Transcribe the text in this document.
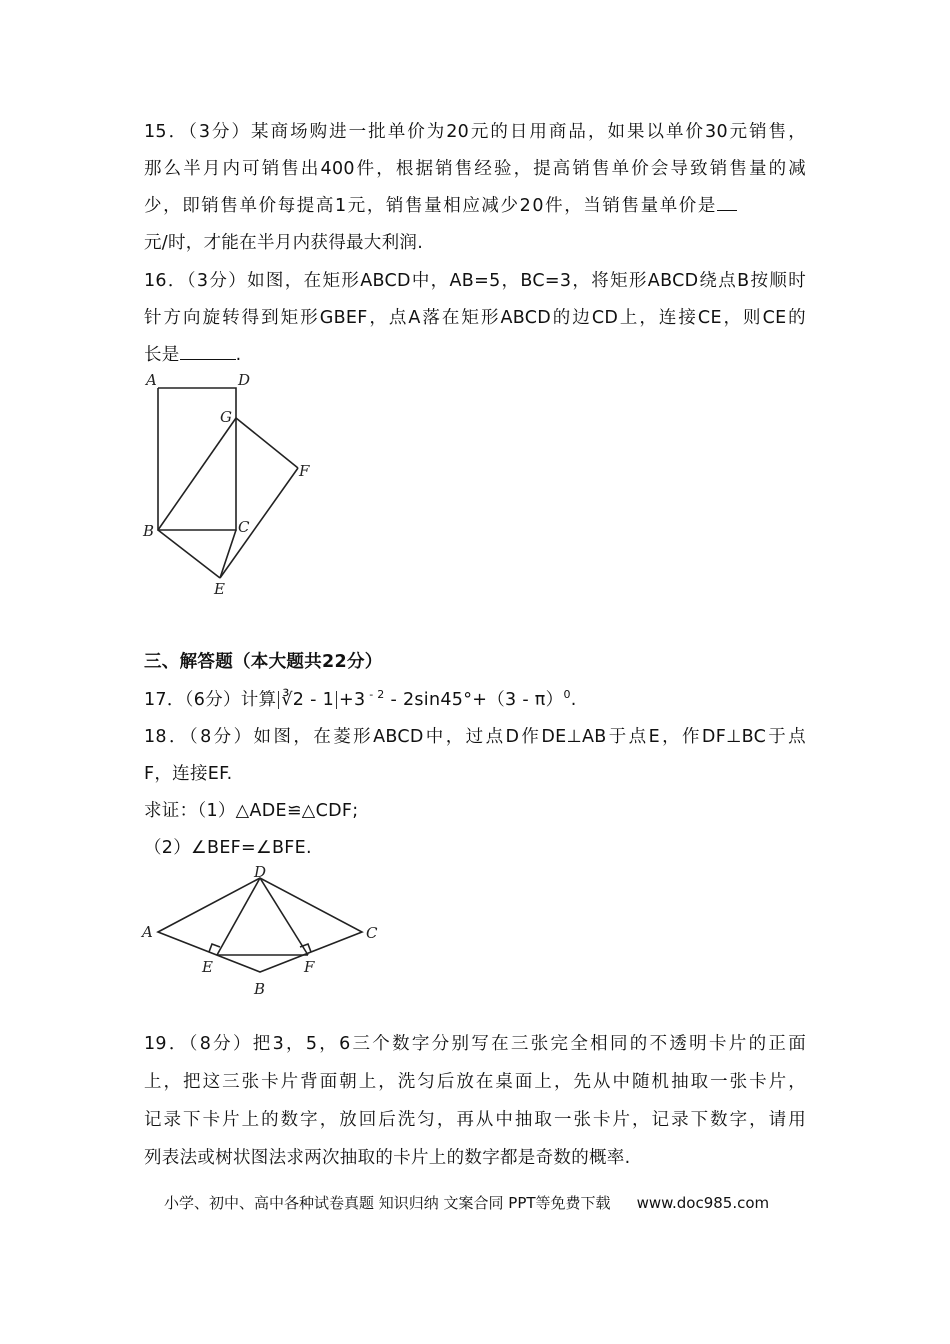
15．（3分）某商场购进一批单价为20元的日用商品，如果以单价30元销售，
那么半月内可销售出400件，根据销售经验，提高销售单价会导致销售量的减
少，即销售单价每提高1元，销售量相应减少20件，当销售量单价是
元/时，才能在半月内获得最大利润.
16．（3分）如图，在矩形ABCD中，AB=5，BC=3，将矩形ABCD绕点B按顺时
针方向旋转得到矩形GBEF，点A落在矩形ABCD的边CD上，连接CE，则CE的
长是	.
A	D
G
F
B	C
E
三、解答题（本大题共22分）
17．（6分）计算 ∛2 - 1 +3 $^{- 2}$ - 2sin45°+（3 - π）$^0$.
18．（8分）如图，在菱形ABCD中，过点D作DE⊥AB于点E，作DF⊥BC于点
F，连接EF.
求证：（1）△ADE≌△CDF;
（2）∠BEF=∠BFE.
A
D
C
B
E	F
19．（8分）把3，5，6三个数字分别写在三张完全相同的不透明卡片的正面
上，把这三张卡片背面朝上，洗匀后放在桌面上，先从中随机抽取一张卡片，
记录下卡片上的数字，放回后洗匀，再从中抽取一张卡片，记录下数字，请用
列表法或树状图法求两次抽取的卡片上的数字都是奇数的概率.
小学、初中、高中各种试卷真题 知识归纳 文案合同 PPT等免费下载 www.doc985.com
